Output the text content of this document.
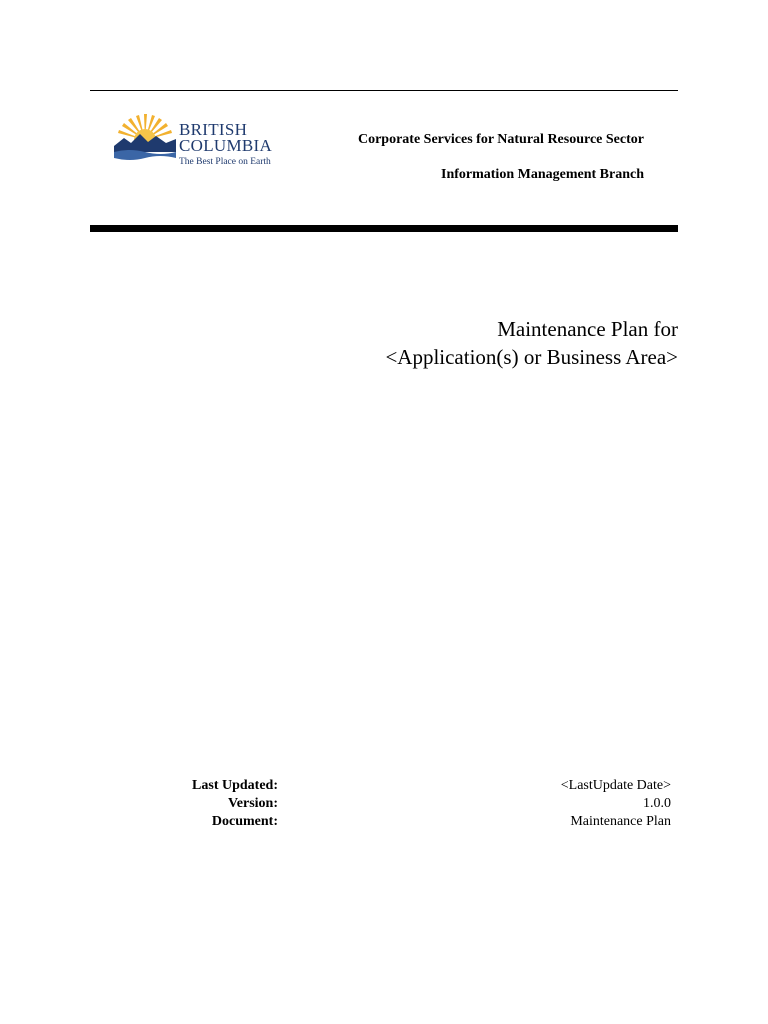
BRITISH
COLUMBIA
The Best Place on Earth
Corporate Services for Natural Resource Sector
Information Management Branch
Maintenance Plan for
<Application(s) or Business Area>
Last Updated:	<LastUpdate Date>
Version:	1.0.0
Document:	Maintenance Plan
